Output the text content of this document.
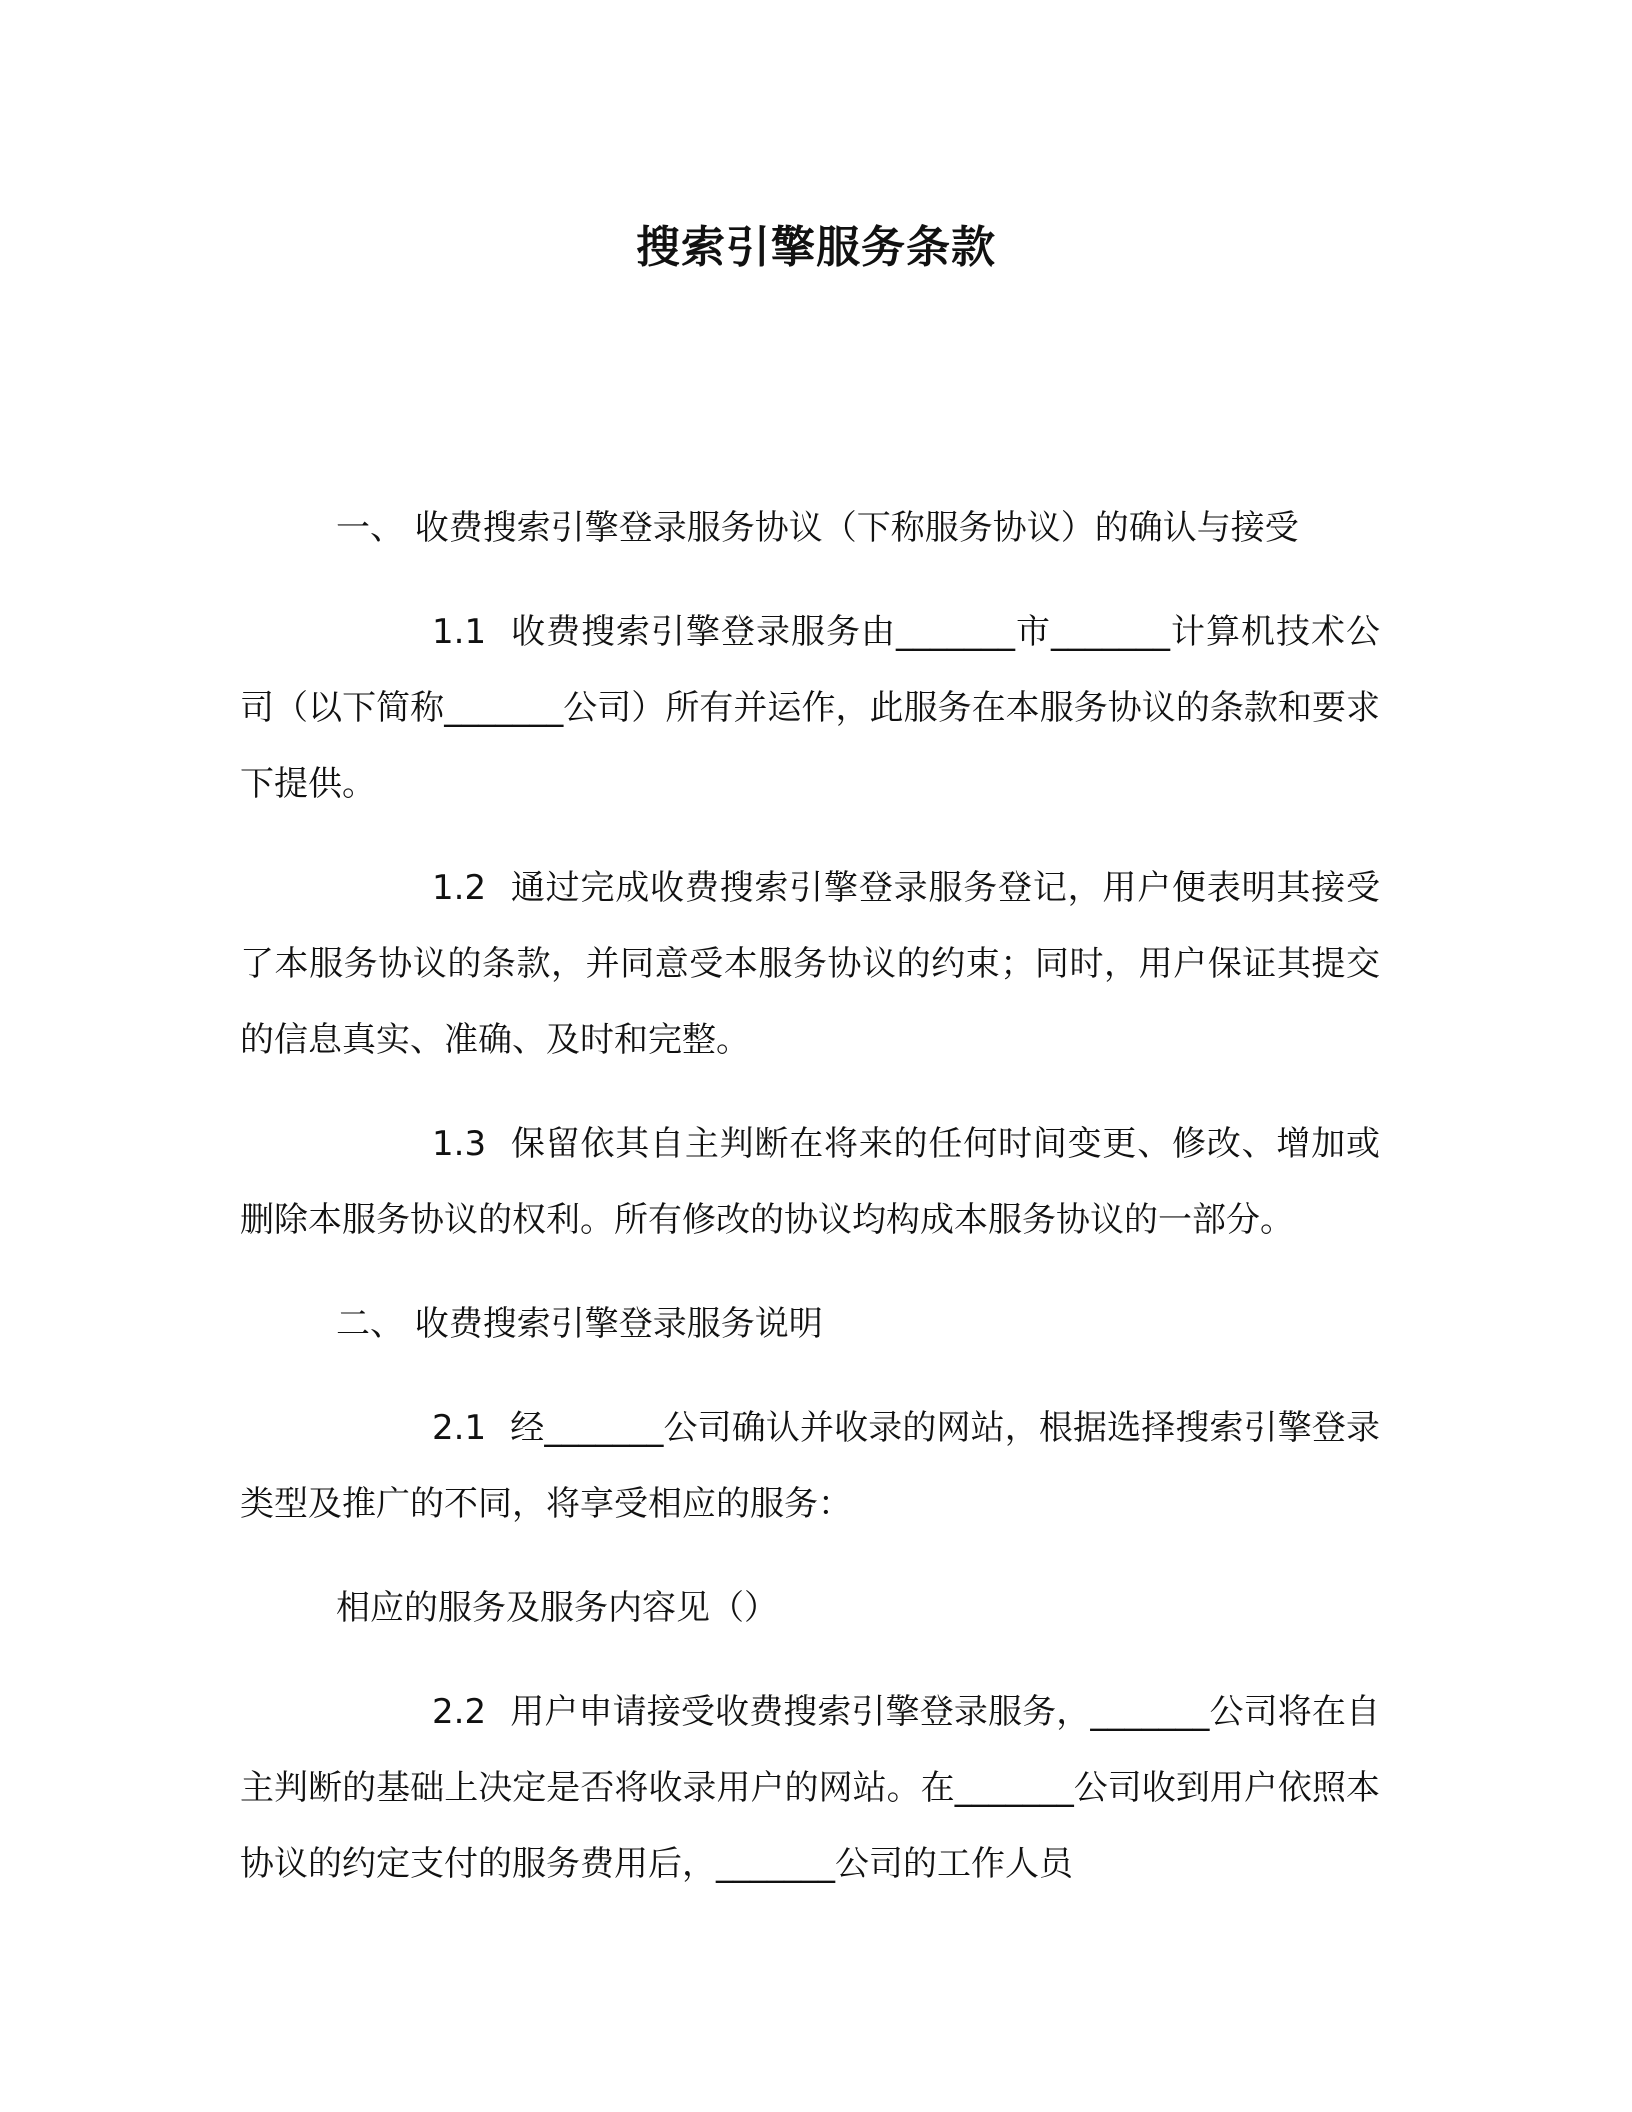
搜索引擎服务条款
一、 收费搜索引擎登录服务协议（下称服务协议）的确认与接受

1.1 收费搜索引擎登录服务由_______市_______计算机技术公司（以下简称_______公司）所有并运作，此服务在本服务协议的条款和要求下提供。

1.2 通过完成收费搜索引擎登录服务登记，用户便表明其接受了本服务协议的条款，并同意受本服务协议的约束；同时，用户保证其提交的信息真实、准确、及时和完整。

1.3 保留依其自主判断在将来的任何时间变更、修改、增加或删除本服务协议的权利。所有修改的协议均构成本服务协议的一部分。

二、 收费搜索引擎登录服务说明

2.1 经_______公司确认并收录的网站，根据选择搜索引擎登录类型及推广的不同，将享受相应的服务：

相应的服务及服务内容见（）

2.2 用户申请接受收费搜索引擎登录服务，_______公司将在自主判断的基础上决定是否将收录用户的网站。在_______公司收到用户依照本协议的约定支付的服务费用后，_______公司的工作人员
